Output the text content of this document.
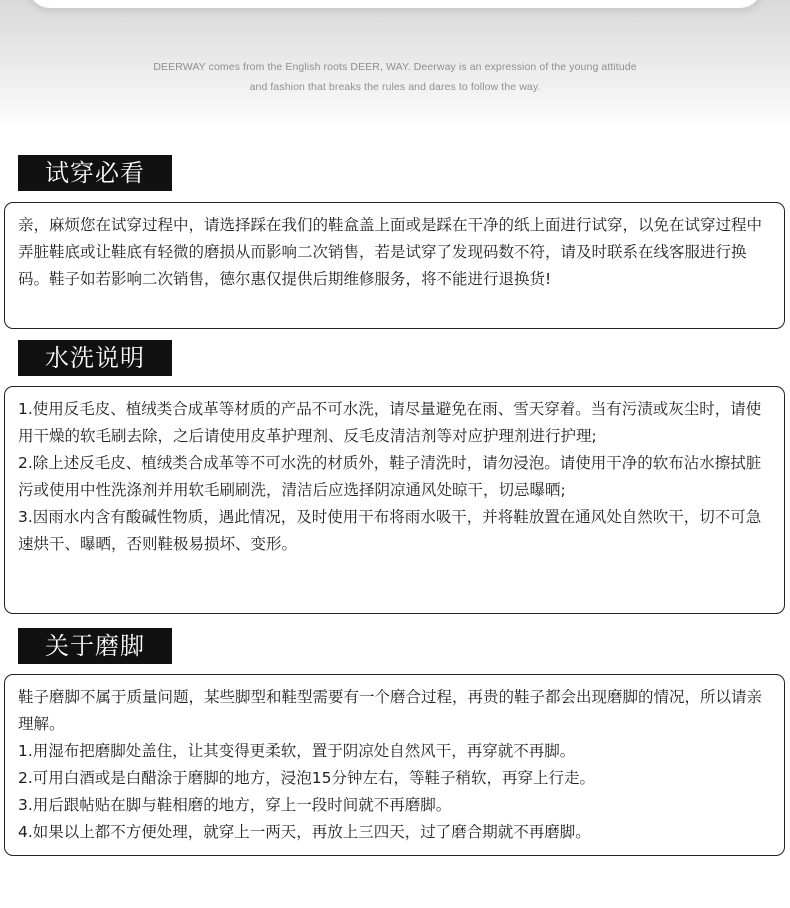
DEERWAY comes from the English roots DEER, WAY. Deerway is an expression of the young attitude
and fashion that breaks the rules and dares to follow the way.
试穿必看

亲，麻烦您在试穿过程中，请选择踩在我们的鞋盒盖上面或是踩在干净的纸上面进行试穿，以免在试穿过程中弄脏鞋底或让鞋底有轻微的磨损从而影响二次销售，若是试穿了发现码数不符，请及时联系在线客服进行换码。鞋子如若影响二次销售，德尔惠仅提供后期维修服务，将不能进行退换货!

水洗说明

1.使用反毛皮、植绒类合成革等材质的产品不可水洗，请尽量避免在雨、雪天穿着。当有污渍或灰尘时，请使用干燥的软毛刷去除，之后请使用皮革护理剂、反毛皮清洁剂等对应护理剂进行护理;

2.除上述反毛皮、植绒类合成革等不可水洗的材质外，鞋子清洗时，请勿浸泡。请使用干净的软布沾水擦拭脏污或使用中性洗涤剂并用软毛刷刷洗，清洁后应选择阴凉通风处晾干，切忌曝晒;

3.因雨水内含有酸碱性物质，遇此情况，及时使用干布将雨水吸干，并将鞋放置在通风处自然吹干，切不可急速烘干、曝晒，否则鞋极易损坏、变形。

关于磨脚

鞋子磨脚不属于质量问题，某些脚型和鞋型需要有一个磨合过程，再贵的鞋子都会出现磨脚的情况，所以请亲理解。

1.用湿布把磨脚处盖住，让其变得更柔软，置于阴凉处自然风干，再穿就不再脚。

2.可用白酒或是白醋涂于磨脚的地方，浸泡15分钟左右，等鞋子稍软，再穿上行走。

3.用后跟帖贴在脚与鞋相磨的地方，穿上一段时间就不再磨脚。

4.如果以上都不方便处理，就穿上一两天，再放上三四天，过了磨合期就不再磨脚。
